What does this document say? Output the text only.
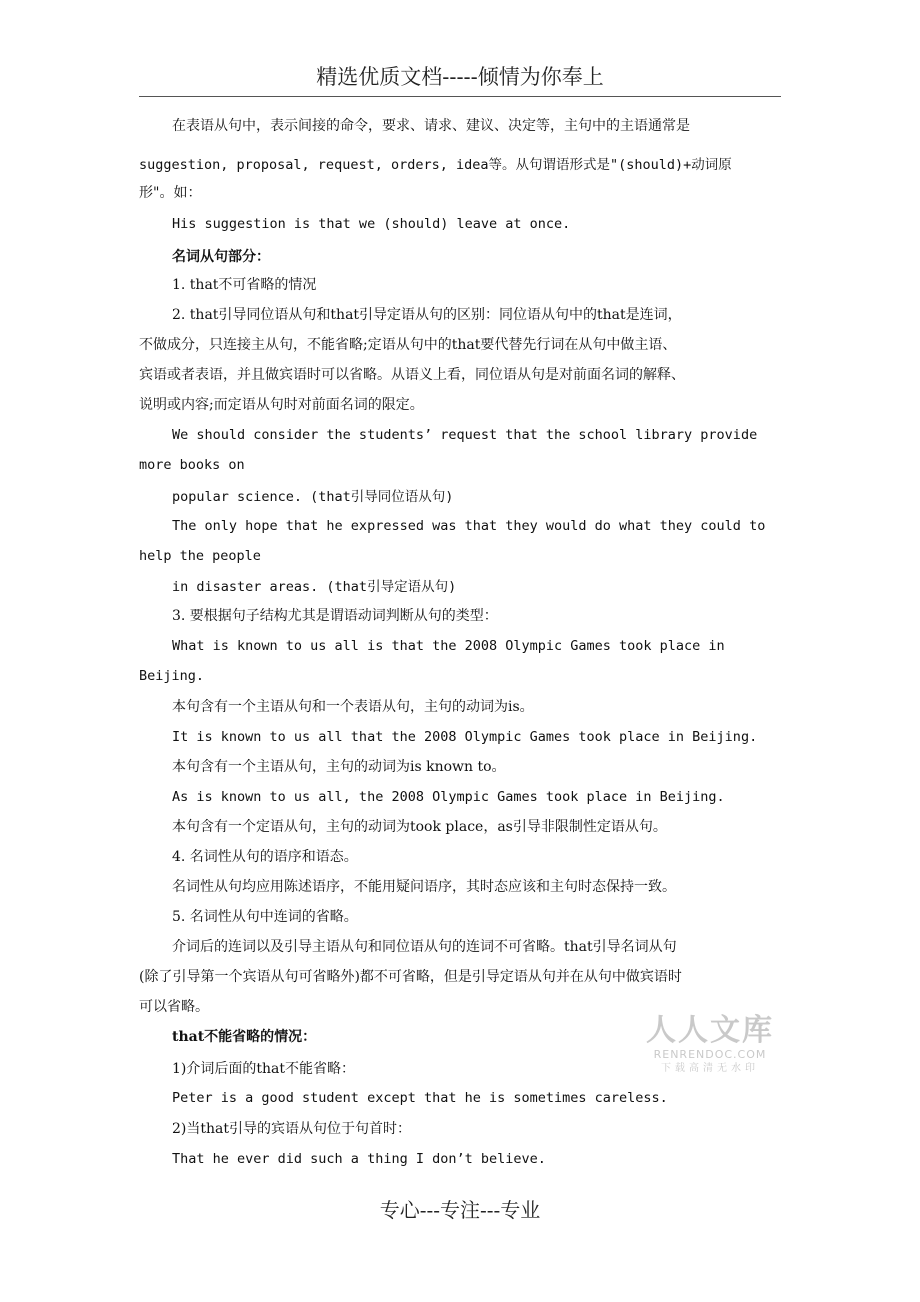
精选优质文档-----倾情为你奉上
在表语从句中，表示间接的命令，要求、请求、建议、决定等，主句中的主语通常是
suggestion, proposal, request, orders, idea等。从句谓语形式是"(should)+动词原
形"。如：
His suggestion is that we (should) leave at once.
名词从句部分：
1. that不可省略的情况
2. that引导同位语从句和that引导定语从句的区别：同位语从句中的that是连词，
不做成分，只连接主从句，不能省略;定语从句中的that要代替先行词在从句中做主语、
宾语或者表语，并且做宾语时可以省略。从语义上看，同位语从句是对前面名词的解释、
说明或内容;而定语从句时对前面名词的限定。
We should consider the students’ request that the school library provide
more books on
popular science. (that引导同位语从句)
The only hope that he expressed was that they would do what they could to
help the people
in disaster areas. (that引导定语从句)
3. 要根据句子结构尤其是谓语动词判断从句的类型：
What is known to us all is that the 2008 Olympic Games took place in
Beijing.
本句含有一个主语从句和一个表语从句，主句的动词为is。
It is known to us all that the 2008 Olympic Games took place in Beijing.
本句含有一个主语从句，主句的动词为is known to。
As is known to us all, the 2008 Olympic Games took place in Beijing.
本句含有一个定语从句，主句的动词为took place，as引导非限制性定语从句。
4. 名词性从句的语序和语态。
名词性从句均应用陈述语序，不能用疑问语序，其时态应该和主句时态保持一致。
5. 名词性从句中连词的省略。
介词后的连词以及引导主语从句和同位语从句的连词不可省略。that引导名词从句
(除了引导第一个宾语从句可省略外)都不可省略，但是引导定语从句并在从句中做宾语时
可以省略。
that不能省略的情况：
1)介词后面的that不能省略：
Peter is a good student except that he is sometimes careless.
2)当that引导的宾语从句位于句首时：
That he ever did such a thing I don’t believe.
人人文库
RENRENDOC.COM
下载高清无水印
专心---专注---专业
